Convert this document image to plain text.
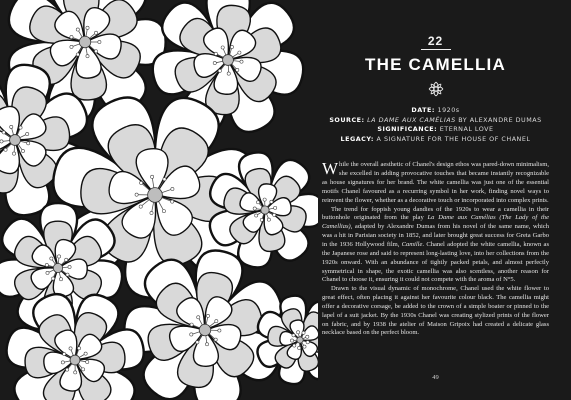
22
THE CAMELLIA
DATE: 1920s
SOURCE: LA DAME AUX CAMÉLIAS BY ALEXANDRE DUMAS
SIGNIFICANCE: ETERNAL LOVE
LEGACY: A SIGNATURE FOR THE HOUSE OF CHANEL

While the overall aesthetic of Chanel's design ethos was pared-down minimalism, she excelled in adding provocative touches that became instantly recognizable as house signatures for her brand. The white camellia was just one of the essential motifs Chanel favoured as a recurring symbol in her work, finding novel ways to reinvent the flower, whether as a decorative touch or incorporated into complex prints.

The trend for foppish young dandies of the 1920s to wear a camellia in their buttonhole originated from the play La Dame aux Camélias (The Lady of the Camellias), adapted by Alexandre Dumas from his novel of the same name, which was a hit in Parisian society in 1852, and later brought great success for Greta Garbo in the 1936 Hollywood film, Camille. Chanel adopted the white camellia, known as the Japanese rose and said to represent long-lasting love, into her collections from the 1920s onward. With an abundance of tightly packed petals, and almost perfectly symmetrical in shape, the exotic camellia was also scentless, another reason for Chanel to choose it, ensuring it could not compete with the aroma of N°5.

Drawn to the visual dynamic of monochrome, Chanel used the white flower to great effect, often placing it against her favourite colour black. The camellia might offer a decorative corsage, be added to the crown of a simple boater or pinned to the lapel of a suit jacket. By the 1930s Chanel was creating stylized prints of the flower on fabric, and by 1938 the atelier of Maison Gripoix had created a delicate glass necklace based on the perfect bloom.

49
